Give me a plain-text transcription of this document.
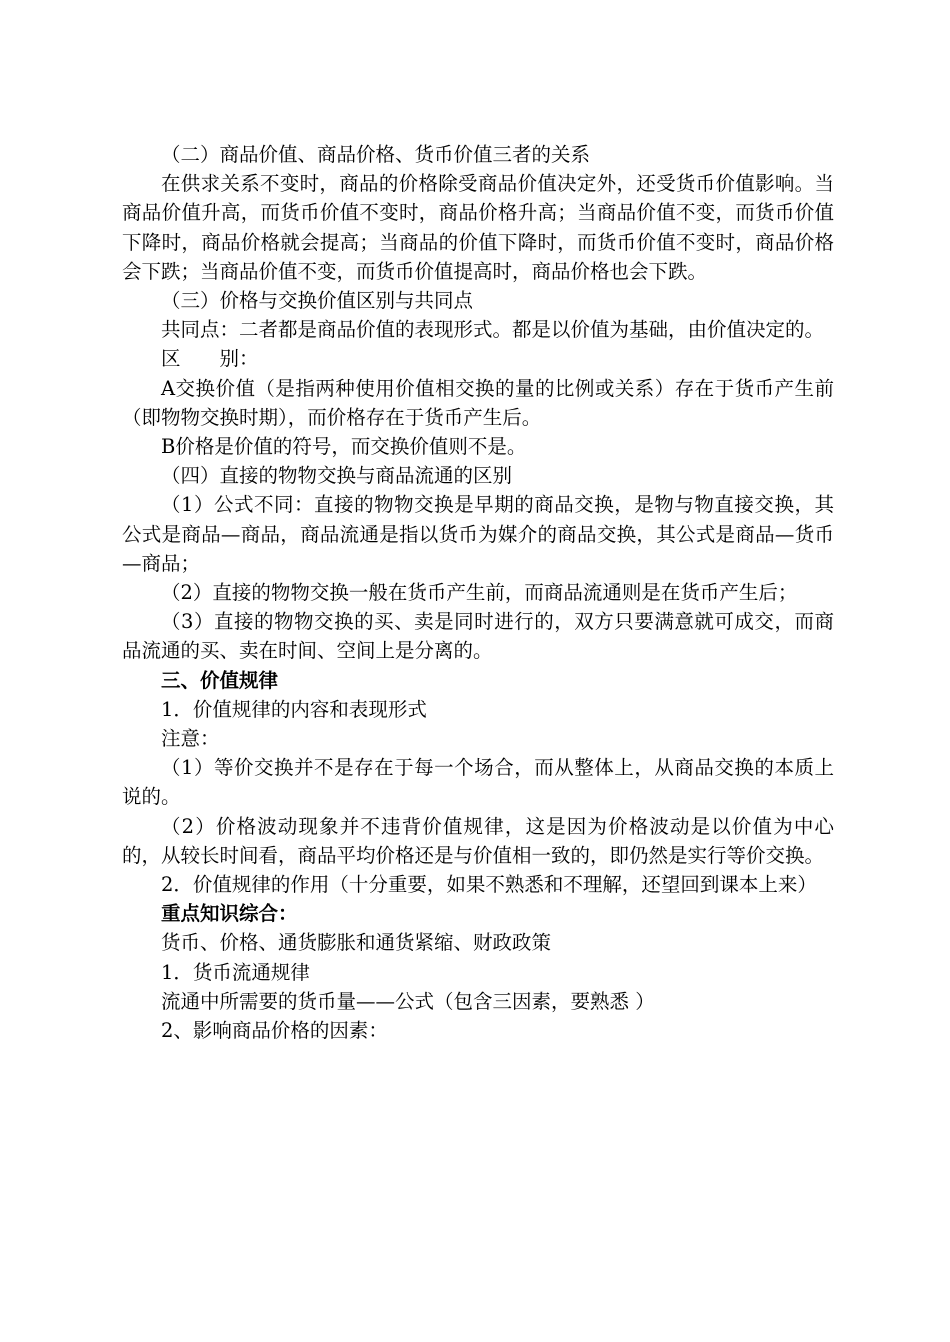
（二）商品价值、商品价格、货币价值三者的关系

在供求关系不变时，商品的价格除受商品价值决定外，还受货币价值影响。当商品价值升高，而货币价值不变时，商品价格升高；当商品价值不变，而货币价值下降时，商品价格就会提高；当商品的价值下降时，而货币价值不变时，商品价格会下跌；当商品价值不变，而货币价值提高时，商品价格也会下跌。

（三）价格与交换价值区别与共同点

共同点：二者都是商品价值的表现形式。都是以价值为基础，由价值决定的。

区　　别：

A交换价值（是指两种使用价值相交换的量的比例或关系）存在于货币产生前（即物物交换时期），而价格存在于货币产生后。

B价格是价值的符号，而交换价值则不是。

（四）直接的物物交换与商品流通的区别

（1）公式不同：直接的物物交换是早期的商品交换，是物与物直接交换，其公式是商品—商品，商品流通是指以货币为媒介的商品交换，其公式是商品—货币—商品；

（2）直接的物物交换一般在货币产生前，而商品流通则是在货币产生后；

（3）直接的物物交换的买、卖是同时进行的，双方只要满意就可成交，而商品流通的买、卖在时间、空间上是分离的。

三、价值规律

1．价值规律的内容和表现形式

注意：

（1）等价交换并不是存在于每一个场合，而从整体上，从商品交换的本质上说的。

（2）价格波动现象并不违背价值规律，这是因为价格波动是以价值为中心的，从较长时间看，商品平均价格还是与价值相一致的，即仍然是实行等价交换。

2．价值规律的作用（十分重要，如果不熟悉和不理解，还望回到课本上来）

重点知识综合：

货币、价格、通货膨胀和通货紧缩、财政政策

1．货币流通规律

流通中所需要的货币量——公式（包含三因素，要熟悉 ）

2、影响商品价格的因素：
